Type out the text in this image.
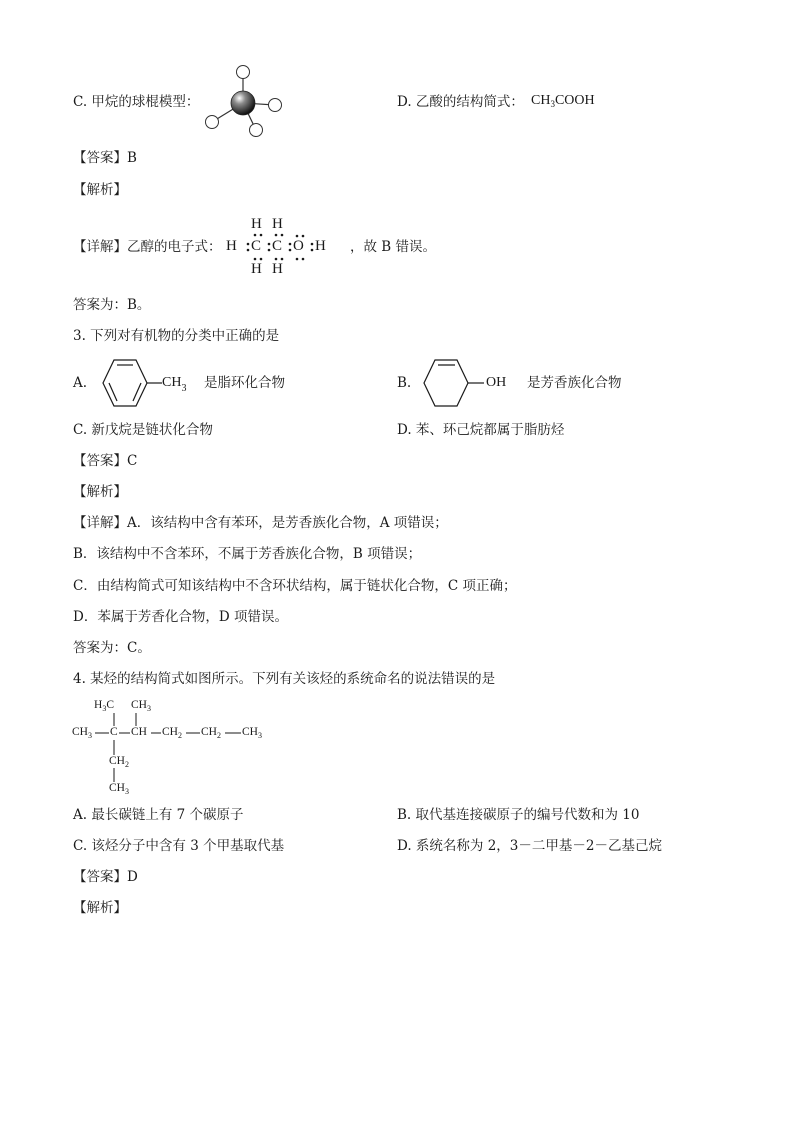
C. 甲烷的球棍模型：	D. 乙酸的结构简式： $CH_3COOH$
【答案】B
【解析】
【详解】乙醇的电子式：
H H
H C C O H
H H
，故 B 错误。
答案为：B。
3. 下列对有机物的分类中正确的是
A.	$CH_3$ 是脂环化合物	B.	OH 是芳香族化合物
C. 新戊烷是链状化合物	D. 苯、环己烷都属于脂肪烃
【答案】C
【解析】
【详解】A．该结构中含有苯环，是芳香族化合物，A 项错误；
B．该结构中不含苯环，不属于芳香族化合物，B 项错误；
C．由结构简式可知该结构中不含环状结构，属于链状化合物，C 项正确；
D．苯属于芳香化合物，D 项错误。
答案为：C。
4. 某烃的结构简式如图所示。下列有关该烃的系统命名的说法错误的是
$H_3C$ $CH_3$
$CH_3$ C CH $CH_2$ $CH_2$ $CH_3$
$CH_2$
$CH_3$
A. 最长碳链上有 7 个碳原子	B. 取代基连接碳原子的编号代数和为 10
C. 该烃分子中含有 3 个甲基取代基	D. 系统名称为 2，3－二甲基－2－乙基己烷
【答案】D
【解析】
